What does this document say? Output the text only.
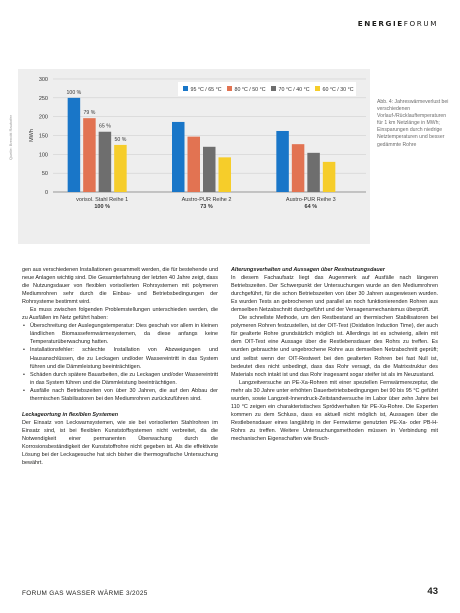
ENERGIEFORUM
0
50
100
150
200
250
300
MWh
100 %
79 %
65 %
50 %
vorisol. Stahl Reihe 1
100 %
Austro-PUR Reihe 2
73 %
Austro-PUR Reihe 3
64 %
95 °C / 65 °C 80 °C / 50 °C 70 °C / 40 °C 60 °C / 30 °C
Quelle: Brencitt Rauhofer
Abb. 4: Jahreswärmeverlust bei verschiedenen Vorlauf-/Rücklauftemperaturen für 1 km Netzlänge in MWh; Einsparungen durch niedrige Netztemperaturen und besser gedämmte Rohre

gen aus verschiedenen Installationen gesammelt werden, die für bestehende und neue Anlagen wichtig sind. Die Gesamterfahrung der letzten 40 Jahre zeigt, dass die Nutzungsdauer von flexiblen vorisolierten Rohrsystemen mit polymeren Mediumrohren sehr durch die Einbau- und Betriebsbedingungen der Rohrsysteme bestimmt wird.

Es muss zwischen folgenden Problemstellungen unterschieden werden, die zu Ausfällen im Netz geführt haben:

• Überschreitung der Auslegungstemperatur: Dies geschah vor allem in kleinen ländlichen Biomassefernwärmesystemen, da diese anfangs keine Temperaturüberwachung hatten.
• Installationsfehler: schlechte Installation von Abzweigungen und Hausanschlüssen, die zu Leckagen und/oder Wassereintritt in das System führen und die Dämmleistung beeinträchtigen.
• Schäden durch spätere Bauarbeiten, die zu Leckagen und/oder Wassereintritt in das System führen und die Dämmleistung beeinträchtigen.
• Ausfälle nach Betriebszeiten von über 30 Jahren, die auf den Abbau der thermischen Stabilisatoren bei den Mediumrohren zurückzuführen sind.

Leckageortung in flexiblen Systemen

Der Einsatz von Leckwarnsystemen, wie sie bei vorisolierten Stahlrohren im Einsatz sind, ist bei flexiblen Kunststoffsystemen nicht verbreitet, da die Notwendigkeit einer permanenten Überwachung durch die Korrosionsbeständigkeit der Kunststoffrohre nicht gegeben ist. Als die effektivste Lösung bei der Leckagesuche hat sich bisher die thermografische Untersuchung bewährt.

Alterungsverhalten und Aussagen über Restnutzungsdauer

In diesem Fachaufsatz liegt das Augenmerk auf Ausfälle nach längeren Betriebszeiten. Der Schwerpunkt der Untersuchungen wurde an den Mediumrohren durchgeführt, für die schon Betriebszeiten von über 30 Jahren ausgewiesen wurden. Es wurden Tests an gebrochenen und parallel an noch funktionierenden Rohren aus demselben Netzabschnitt durchgeführt und der Versagensmechanismus überprüft.

Die schnellste Methode, um den Restbestand an thermischen Stabilisatoren bei polymeren Rohren festzustellen, ist der OIT-Test (Oxidation Induction Time), der auch für gealterte Rohre grundsätzlich möglich ist. Allerdings ist es schwierig, allein mit dem OIT-Test eine Aussage über die Restlebensdauer des Rohrs zu treffen. Es wurden gebrauchte und ungebrochene Rohre aus demselben Netzabschnitt geprüft; und selbst wenn der OIT-Restwert bei den gealterten Rohren bei fast Null ist, bedeutet dies nicht unbedingt, dass das Rohr versagt, da die Matrixstruktur des Materials noch intakt ist und das Rohr insgesamt sogar steifer ist als im Neuzustand.

Langzeitversuche an PE-Xa-Rohren mit einer speziellen Fernwärmerezeptur, die mehr als 30 Jahre unter erhöhten Dauerbetriebsbedingungen bei 90 bis 95 °C geführt wurden, sowie Langzeit-Innendruck-Zeitstandversuche im Labor über zehn Jahre bei 110 °C zeigen ein charakteristisches Sprödverhalten für PE-Xa-Rohre. Die Experten kommen zu dem Schluss, dass es aktuell nicht möglich ist, Aussagen über die Restlebensdauer eines langjährig in der Fernwärme genutzten PE-Xa- oder PB-H-Rohrs zu treffen. Weitere Untersuchungsmethoden müssen in Verbindung mit mechanischen Eigenschaften wie Bruch-

FORUM GAS WASSER WÄRME 3/2025	43
